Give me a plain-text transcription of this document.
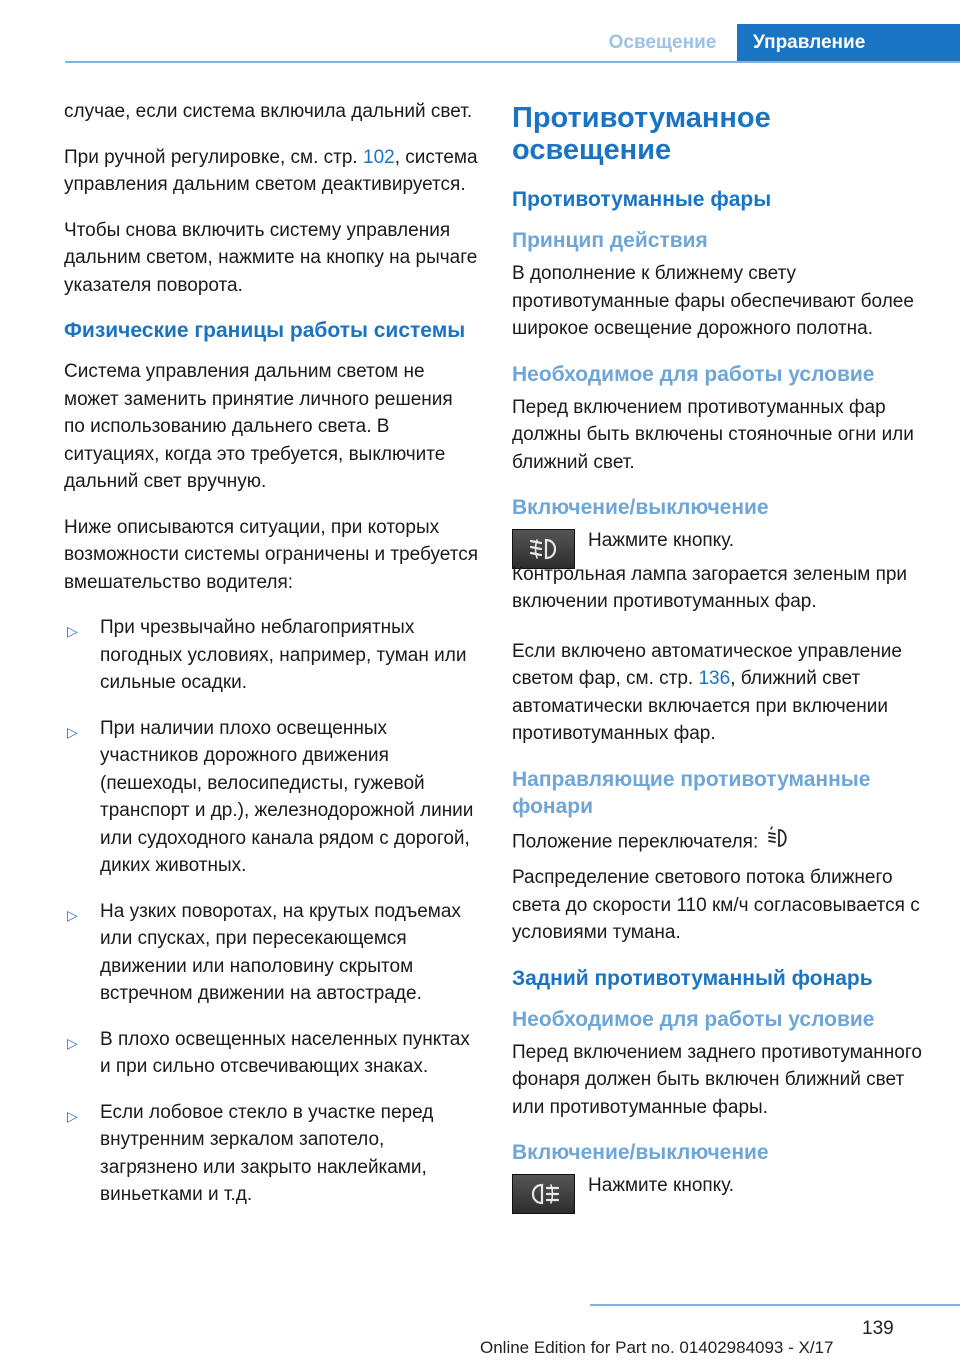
Освещение	Управление

случае, если система включила дальний свет.

При ручной регулировке, см. стр. 102, система управления дальним светом деактивируется.

Чтобы снова включить систему управления дальним светом, нажмите на кнопку на рычаге указателя поворота.

Физические границы работы системы

Система управления дальним светом не может заменить принятие личного решения по использованию дальнего света. В ситуациях, когда это требуется, выключите дальний свет вручную.

Ниже описываются ситуации, при которых возможности системы ограничены и требуется вмешательство водителя:

▷ При чрезвычайно неблагоприятных погодных условиях, например, туман или сильные осадки.
▷ При наличии плохо освещенных участников дорожного движения (пешеходы, велосипедисты, гужевой транспорт и др.), железнодорожной линии или судоходного канала рядом с дорогой, диких животных.
▷ На узких поворотах, на крутых подъемах или спусках, при пересекающемся движении или наполовину скрытом встречном движении на автостраде.
▷ В плохо освещенных населенных пунктах и при сильно отсвечивающих знаках.
▷ Если лобовое стекло в участке перед внутренним зеркалом запотело, загрязнено или закрыто наклейками, виньетками и т.д.
Противотуманное освещение
Противотуманные фары
Принцип действия

В дополнение к ближнему свету противотуманные фары обеспечивают более широкое освещение дорожного полотна.

Необходимое для работы условие

Перед включением противотуманных фар должны быть включены стояночные огни или ближний свет.

Включение/выключение

Нажмите кнопку.

Контрольная лампа загорается зеленым при включении противотуманных фар.

Если включено автоматическое управление светом фар, см. стр. 136, ближний свет автоматически включается при включении противотуманных фар.

Направляющие противотуманные фонари

Положение переключателя:

Распределение светового потока ближнего света до скорости 110 км/ч согласовывается с условиями тумана.

Задний противотуманный фонарь
Необходимое для работы условие

Перед включением заднего противотуманного фонаря должен быть включен ближний свет или противотуманные фары.

Включение/выключение

Нажмите кнопку.

139
Online Edition for Part no. 01402984093 - X/17
